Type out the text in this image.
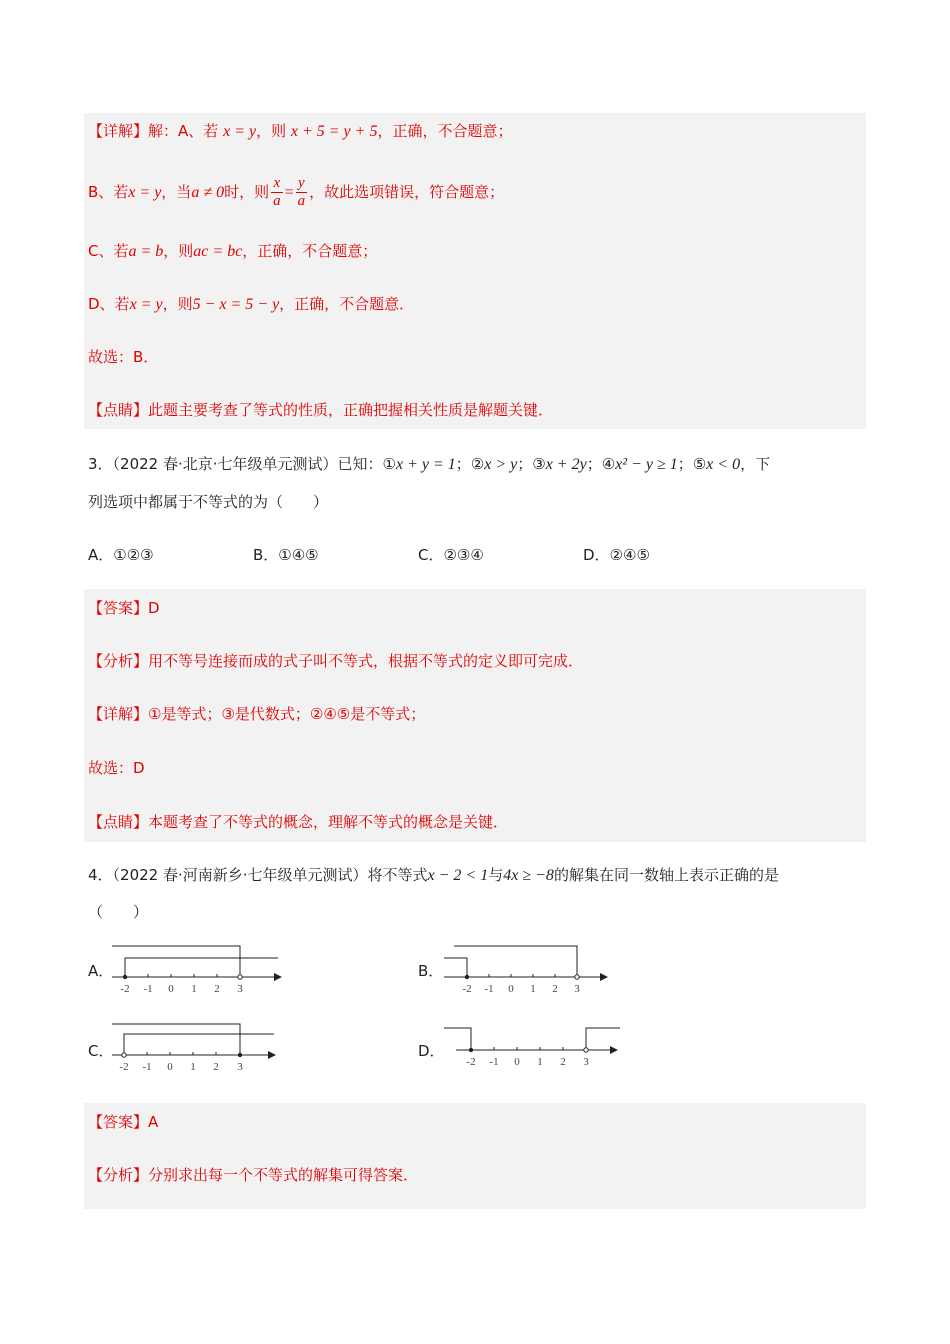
【详解】解：A、若 x = y，则 x + 5 = y + 5，正确，不合题意；
B、若x = y，当a ≠ 0时，则 $\frac{x}{a} = \frac{y}{a}$ ，故此选项错误，符合题意；
C、若a = b，则ac = bc，正确，不合题意；
D、若x = y，则5 − x = 5 − y，正确，不合题意．
故选：B．
【点睛】此题主要考查了等式的性质，正确把握相关性质是解题关键．
3．（2022 春·北京·七年级单元测试）已知：①x + y = 1；②x > y；③x + 2y；④x² − y ≥ 1；⑤x < 0，下
列选项中都属于不等式的为（　　）
A．①②③	B．①④⑤	C．②③④	D．②④⑤
【答案】D
【分析】用不等号连接而成的式子叫不等式，根据不等式的定义即可完成．
【详解】①是等式；③是代数式；②④⑤是不等式；
故选：D
【点睛】本题考查了不等式的概念，理解不等式的概念是关键．
4．（2022 春·河南新乡·七年级单元测试）将不等式x − 2 < 1与4x ≥ −8的解集在同一数轴上表示正确的是
（　　）
A．	B．
C．	D．
-2 -1 0 1 2 3	-2 -1 0 1 2 3
-2 -1 0 1 2 3	-2 -1 0 1 2 3
【答案】A
【分析】分别求出每一个不等式的解集可得答案．
